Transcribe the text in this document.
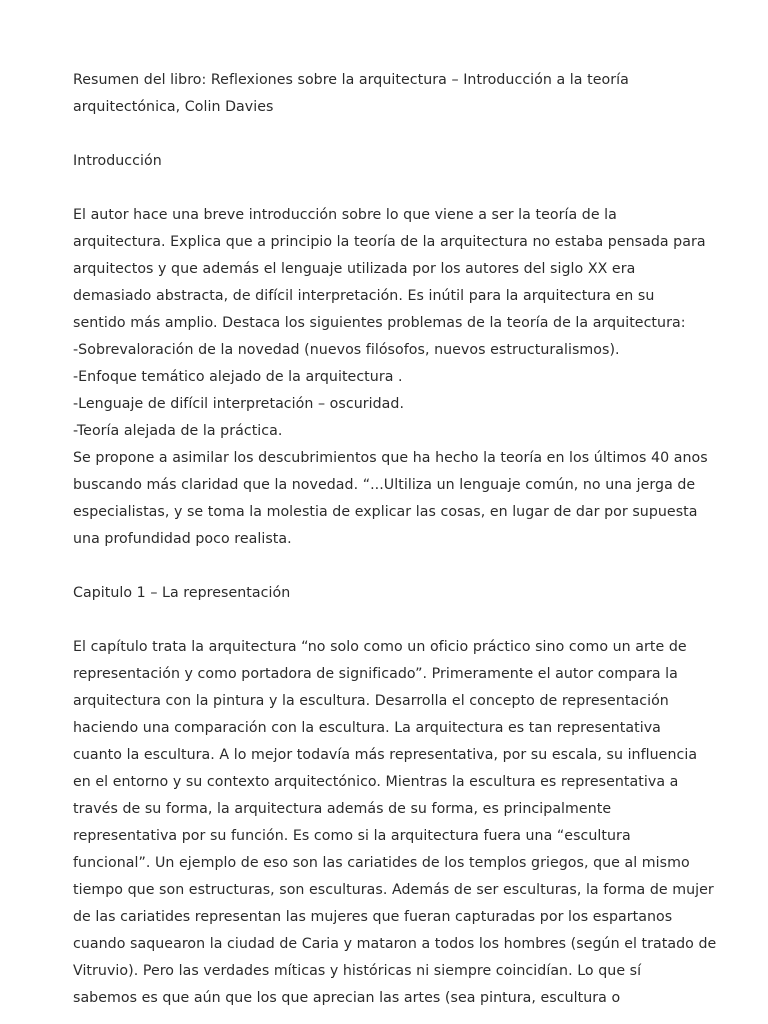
Resumen del libro: Reflexiones sobre la arquitectura – Introducción a la teoría
arquitectónica, Colin Davies
Introducción
El autor hace una breve introducción sobre lo que viene a ser la teoría de la
arquitectura. Explica que a principio la teoría de la arquitectura no estaba pensada para
arquitectos y que además el lenguaje utilizada por los autores del siglo XX era
demasiado abstracta, de difícil interpretación. Es inútil para la arquitectura en su
sentido más amplio. Destaca los siguientes problemas de la teoría de la arquitectura:
-Sobrevaloración de la novedad (nuevos filósofos, nuevos estructuralismos).
-Enfoque temático alejado de la arquitectura .
-Lenguaje de difícil interpretación – oscuridad.
-Teoría alejada de la práctica.
Se propone a asimilar los descubrimientos que ha hecho la teoría en los últimos 40 anos
buscando más claridad que la novedad. “...Ultiliza un lenguaje común, no una jerga de
especialistas, y se toma la molestia de explicar las cosas, en lugar de dar por supuesta
una profundidad poco realista.
Capitulo 1 – La representación
El capítulo trata la arquitectura “no solo como un oficio práctico sino como un arte de
representación y como portadora de significado”. Primeramente el autor compara la
arquitectura con la pintura y la escultura. Desarrolla el concepto de representación
haciendo una comparación con la escultura. La arquitectura es tan representativa
cuanto la escultura. A lo mejor todavía más representativa, por su escala, su influencia
en el entorno y su contexto arquitectónico. Mientras la escultura es representativa a
través de su forma, la arquitectura además de su forma, es principalmente
representativa por su función. Es como si la arquitectura fuera una “escultura
funcional”. Un ejemplo de eso son las cariatides de los templos griegos, que al mismo
tiempo que son estructuras, son esculturas. Además de ser esculturas, la forma de mujer
de las cariatides representan las mujeres que fueran capturadas por los espartanos
cuando saquearon la ciudad de Caria y mataron a todos los hombres (según el tratado de
Vitruvio). Pero las verdades míticas y históricas ni siempre coincidían. Lo que sí
sabemos es que aún que los que aprecian las artes (sea pintura, escultura o
